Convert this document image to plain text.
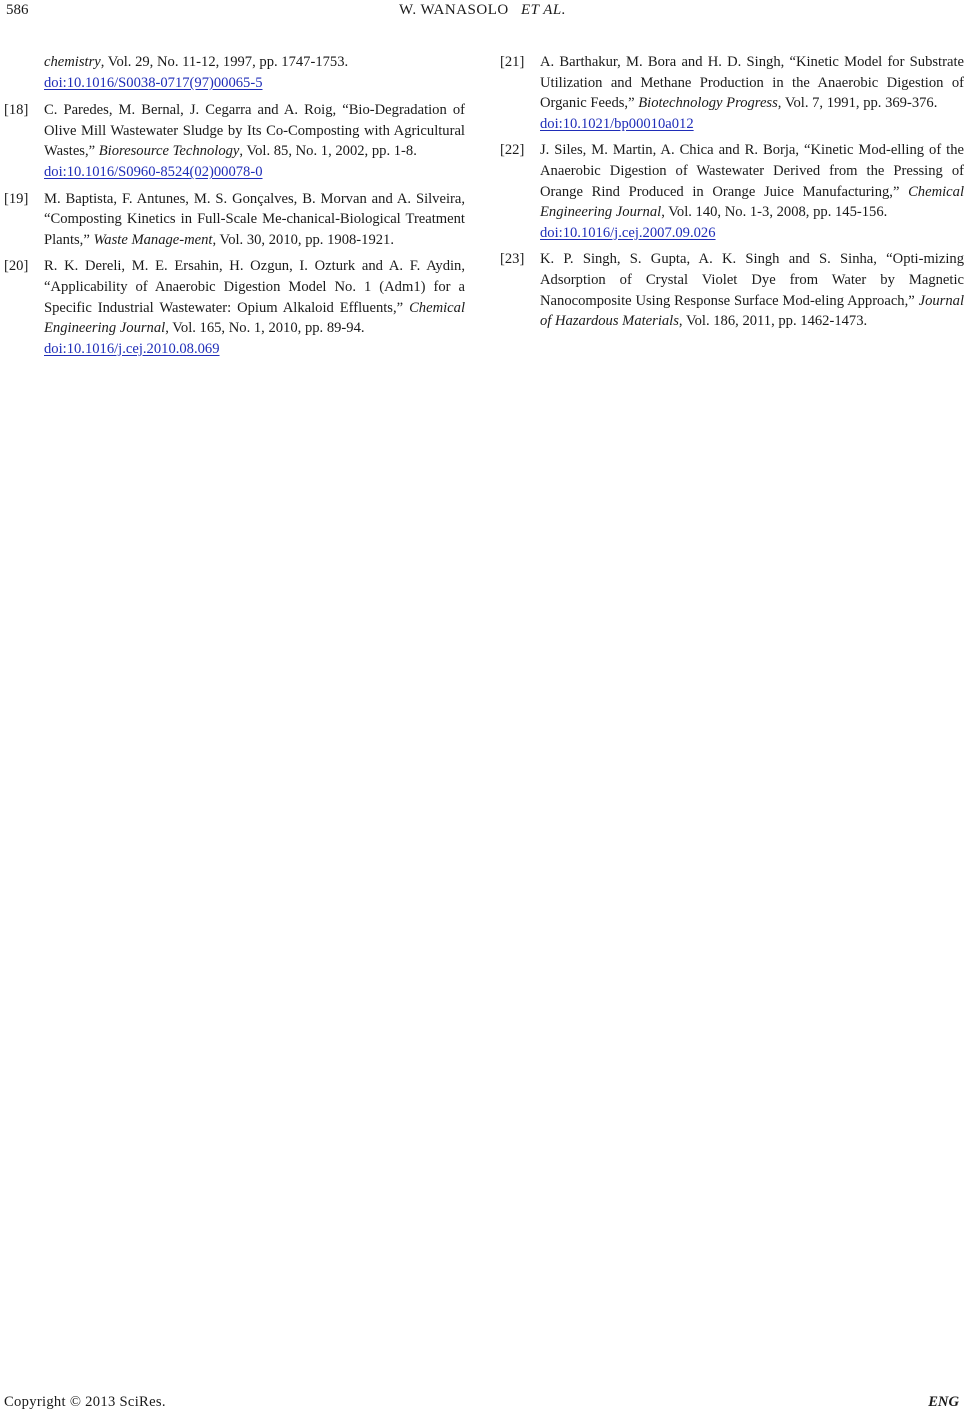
586	W. WANASOLO ET AL.
chemistry, Vol. 29, No. 11-12, 1997, pp. 1747-1753.
doi:10.1016/S0038-0717(97)00065-5
[18] C. Paredes, M. Bernal, J. Cegarra and A. Roig, “Bio-Degradation of Olive Mill Wastewater Sludge by Its Co-Composting with Agricultural Wastes,” Bioresource Technology, Vol. 85, No. 1, 2002, pp. 1-8.
doi:10.1016/S0960-8524(02)00078-0
[19] M. Baptista, F. Antunes, M. S. Gonçalves, B. Morvan and A. Silveira, “Composting Kinetics in Full-Scale Me-chanical-Biological Treatment Plants,” Waste Manage-ment, Vol. 30, 2010, pp. 1908-1921.
[20] R. K. Dereli, M. E. Ersahin, H. Ozgun, I. Ozturk and A. F. Aydin, “Applicability of Anaerobic Digestion Model No. 1 (Adm1) for a Specific Industrial Wastewater: Opium Alkaloid Effluents,” Chemical Engineering Journal, Vol. 165, No. 1, 2010, pp. 89-94.
doi:10.1016/j.cej.2010.08.069
[21] A. Barthakur, M. Bora and H. D. Singh, “Kinetic Model for Substrate Utilization and Methane Production in the Anaerobic Digestion of Organic Feeds,” Biotechnology Progress, Vol. 7, 1991, pp. 369-376.
doi:10.1021/bp00010a012
[22] J. Siles, M. Martin, A. Chica and R. Borja, “Kinetic Mod-elling of the Anaerobic Digestion of Wastewater Derived from the Pressing of Orange Rind Produced in Orange Juice Manufacturing,” Chemical Engineering Journal, Vol. 140, No. 1-3, 2008, pp. 145-156.
doi:10.1016/j.cej.2007.09.026
[23] K. P. Singh, S. Gupta, A. K. Singh and S. Sinha, “Opti-mizing Adsorption of Crystal Violet Dye from Water by Magnetic Nanocomposite Using Response Surface Mod-eling Approach,” Journal of Hazardous Materials, Vol. 186, 2011, pp. 1462-1473.
Copyright © 2013 SciRes.	ENG
